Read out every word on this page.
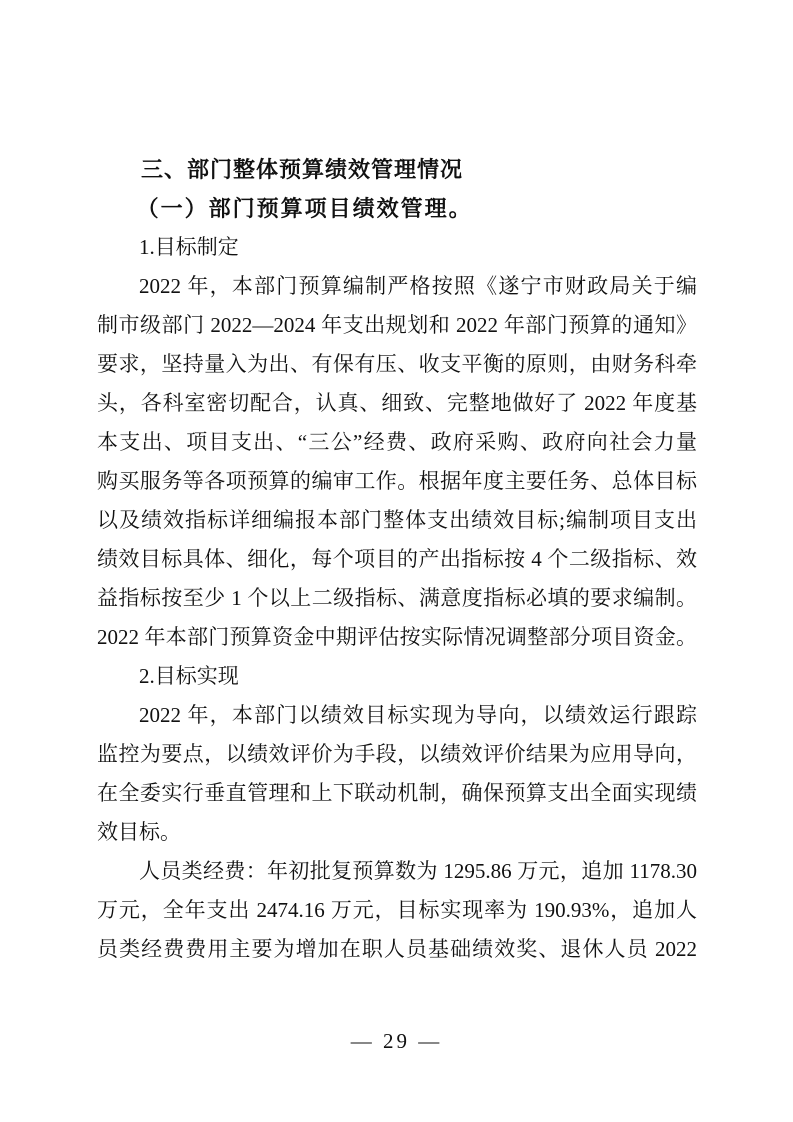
三、部门整体预算绩效管理情况
（一）部门预算项目绩效管理。
1.目标制定
2022 年，本部门预算编制严格按照《遂宁市财政局关于编
制市级部门 2022—2024 年支出规划和 2022 年部门预算的通知》
要求，坚持量入为出、有保有压、收支平衡的原则，由财务科牵
头，各科室密切配合，认真、细致、完整地做好了 2022 年度基
本支出、项目支出、“三公”经费、政府采购、政府向社会力量
购买服务等各项预算的编审工作。根据年度主要任务、总体目标
以及绩效指标详细编报本部门整体支出绩效目标;编制项目支出
绩效目标具体、细化，每个项目的产出指标按 4 个二级指标、效
益指标按至少 1 个以上二级指标、满意度指标必填的要求编制。
2022 年本部门预算资金中期评估按实际情况调整部分项目资金。
2.目标实现
2022 年，本部门以绩效目标实现为导向，以绩效运行跟踪
监控为要点，以绩效评价为手段，以绩效评价结果为应用导向，
在全委实行垂直管理和上下联动机制，确保预算支出全面实现绩
效目标。
人员类经费：年初批复预算数为 1295.86 万元，追加 1178.30
万元，全年支出 2474.16 万元，目标实现率为 190.93%，追加人
员类经费费用主要为增加在职人员基础绩效奖、退休人员 2022
— 29 —
